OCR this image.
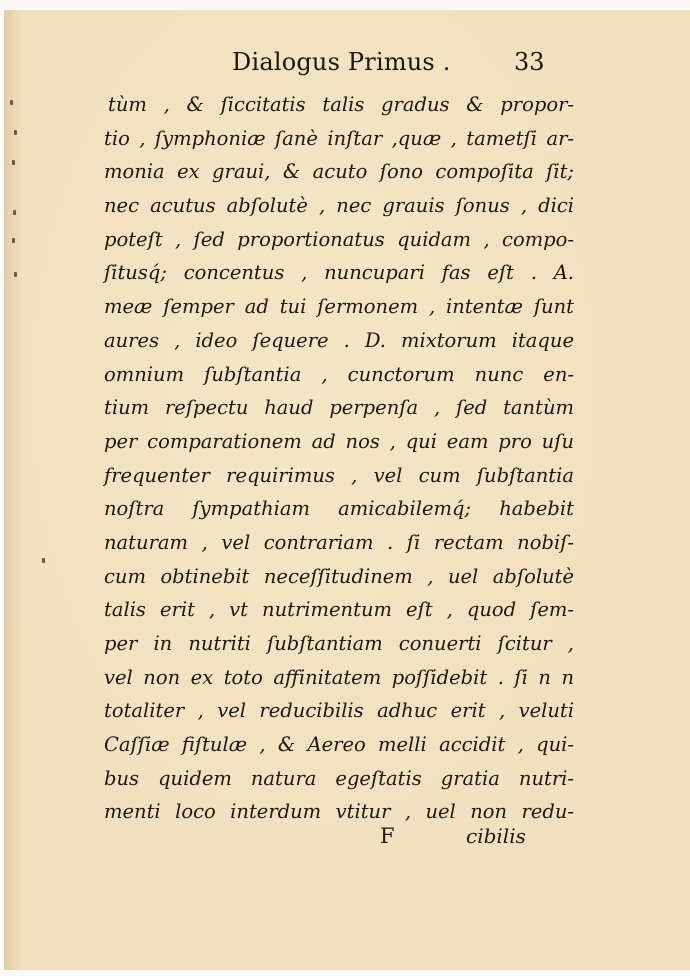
Dialogus Primus .	33
tùm , & ſiccitatis talis gradus & propor-
tio , ſymphoniæ ſanè inſtar ,quæ , tametſi ar-
monia ex graui, & acuto ſono compoſita ſit;
nec acutus abſolutè , nec grauis ſonus , dici
poteſt , ſed proportionatus quidam , compo-
ſitusq́; concentus , nuncupari fas eſt . A.
meæ ſemper ad tui ſermonem , intentæ ſunt
aures , ideo ſequere . D. mixtorum itaque
omnium ſubſtantia , cunctorum nunc en-
tium reſpectu haud perpenſa , ſed tantùm
per comparationem ad nos , qui eam pro uſu
frequenter requirimus , vel cum ſubſtantia
noſtra ſympathiam amicabilemq́; habebit
naturam , vel contrariam . ſi rectam nobiſ-
cum obtinebit neceſſitudinem , uel abſolutè
talis erit , vt nutrimentum eſt , quod ſem-
per in nutriti ſubſtantiam conuerti ſcitur ,
vel non ex toto affinitatem poſſidebit . ſi n n
totaliter , vel reducibilis adhuc erit , veluti
Caſſiæ fiſtulæ , & Aereo melli accidit , qui-
bus quidem natura egeſtatis gratia nutri-
menti loco interdum vtitur , uel non redu-
F	cibilis
